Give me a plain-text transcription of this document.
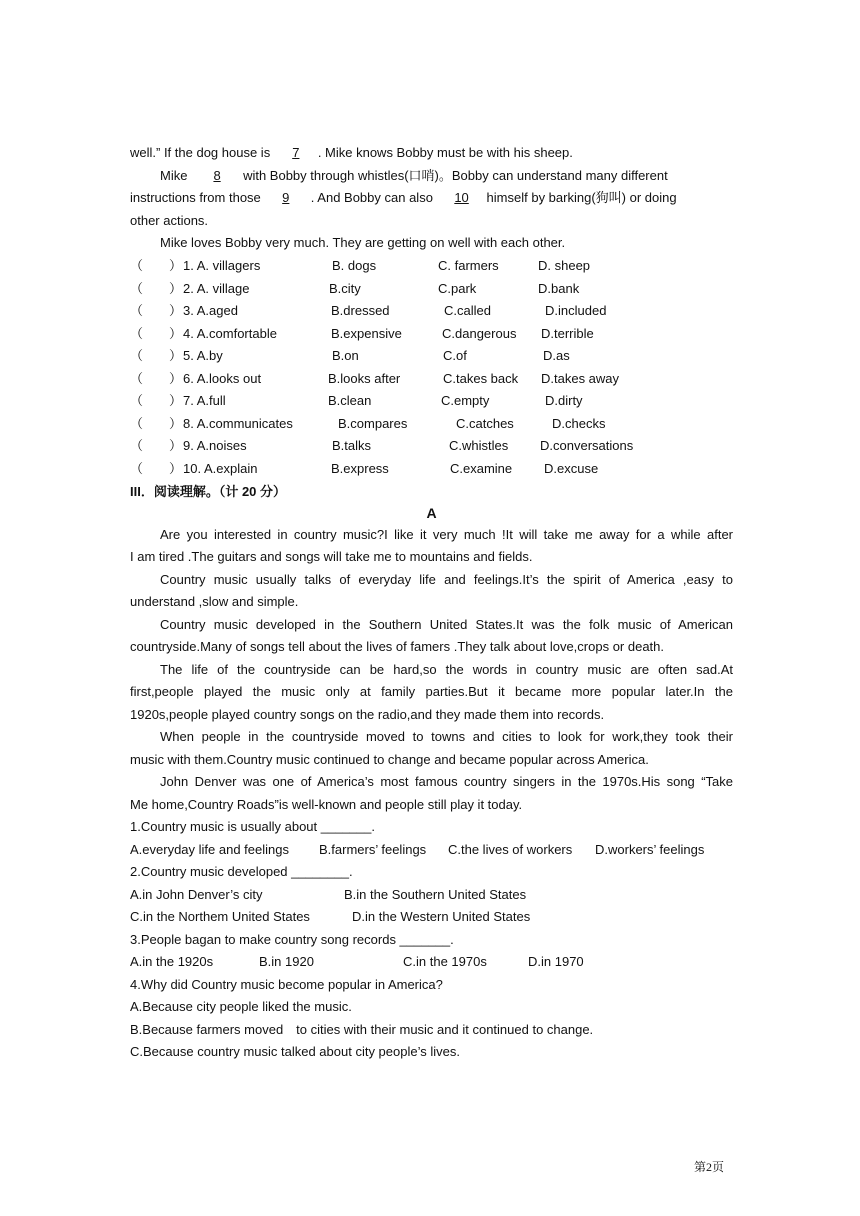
well.” If the dog house is 7 . Mike knows Bobby must be with his sheep.
Mike 8 with Bobby through whistles(口哨)。Bobby can understand many different
instructions from those 9 . And Bobby can also 10 himself by barking(狗叫) or doing
other actions.
Mike loves Bobby very much. They are getting on well with each other.
（　　） 1. A. villagers	B. dogs	C. farmers	D. sheep
（　　） 2. A. village	B.city	C.park	D.bank
（　　） 3. A.aged	B.dressed	C.called	D.included
（　　） 4. A.comfortable	B.expensive	C.dangerous D.terrible
（　　） 5. A.by	B.on	C.of	D.as
（　　） 6. A.looks out	B.looks after	C.takes back D.takes away
（　　） 7. A.full	B.clean	C.empty	D.dirty
（　　） 8. A.communicates	B.compares	C.catches	D.checks
（　　） 9. A.noises	B.talks	C.whistles D.conversations
（　　） 10. A.explain	B.express	C.examine D.excuse
III．阅读理解。（计 20 分）
A
Are you interested in country music?I like it very much !It will take me away for a while after
I am tired .The guitars and songs will take me to mountains and fields.
Country music usually talks of everyday life and feelings.It’s the spirit of America ,easy to
understand ,slow and simple.
Country music developed in the Southern United States.It was the folk music of American
countryside.Many of songs tell about the lives of famers .They talk about love,crops or death.
The life of the countryside can be hard,so the words in country music are often sad.At
first,people played the music only at family parties.But it became more popular later.In the
1920s,people played country songs on the radio,and they made them into records.
When people in the countryside moved to towns and cities to look for work,they took their
music with them.Country music continued to change and became popular across America.
John Denver was one of America’s most famous country singers in the 1970s.His song “Take
Me home,Country Roads”is well-known and people still play it today.
1.Country music is usually about _______.
A.everyday life and feelings B.farmers’ feelings C.the lives of workers D.workers’ feelings
2.Country music developed ________.
A.in John Denver’s city	B.in the Southern United States
C.in the Northem United States	D.in the Western United States
3.People bagan to make country song records _______.
A.in the 1920s	B.in 1920	C.in the 1970s	D.in 1970
4.Why did Country music become popular in America?
A.Because city people liked the music.
B.Because farmers moved　to cities with their music and it continued to change.
C.Because country music talked about city people’s lives.
第2页
